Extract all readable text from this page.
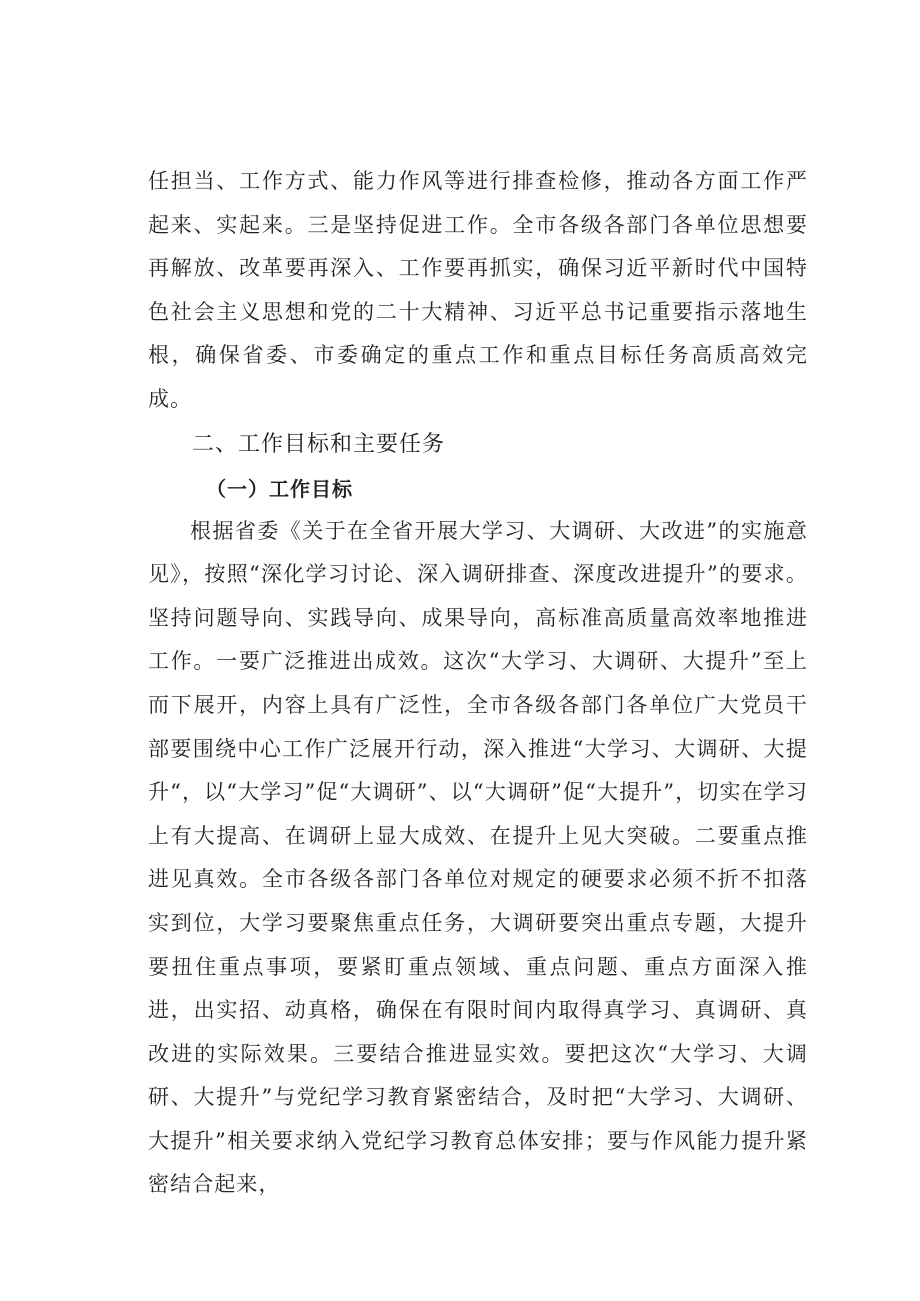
任担当、工作方式、能力作风等进行排查检修，推动各方面工作严起来、实起来。三是坚持促进工作。全市各级各部门各单位思想要再解放、改革要再深入、工作要再抓实，确保习近平新时代中国特色社会主义思想和党的二十大精神、习近平总书记重要指示落地生根，确保省委、市委确定的重点工作和重点目标任务高质高效完成。

二、工作目标和主要任务
（一）工作目标

根据省委《关于在全省开展大学习、大调研、大改进”的实施意见》，按照“深化学习讨论、深入调研排查、深度改进提升”的要求。坚持问题导向、实践导向、成果导向，高标准高质量高效率地推进工作。一要广泛推进出成效。这次“大学习、大调研、大提升”至上而下展开，内容上具有广泛性，全市各级各部门各单位广大党员干部要围绕中心工作广泛展开行动，深入推进“大学习、大调研、大提升“，以“大学习”促“大调研”、以“大调研”促“大提升”，切实在学习上有大提高、在调研上显大成效、在提升上见大突破。二要重点推进见真效。全市各级各部门各单位对规定的硬要求必须不折不扣落实到位，大学习要聚焦重点任务，大调研要突出重点专题，大提升要扭住重点事项，要紧盯重点领域、重点问题、重点方面深入推进，出实招、动真格，确保在有限时间内取得真学习、真调研、真改进的实际效果。三要结合推进显实效。要把这次“大学习、大调研、大提升”与党纪学习教育紧密结合，及时把“大学习、大调研、大提升”相关要求纳入党纪学习教育总体安排；要与作风能力提升紧密结合起来，
